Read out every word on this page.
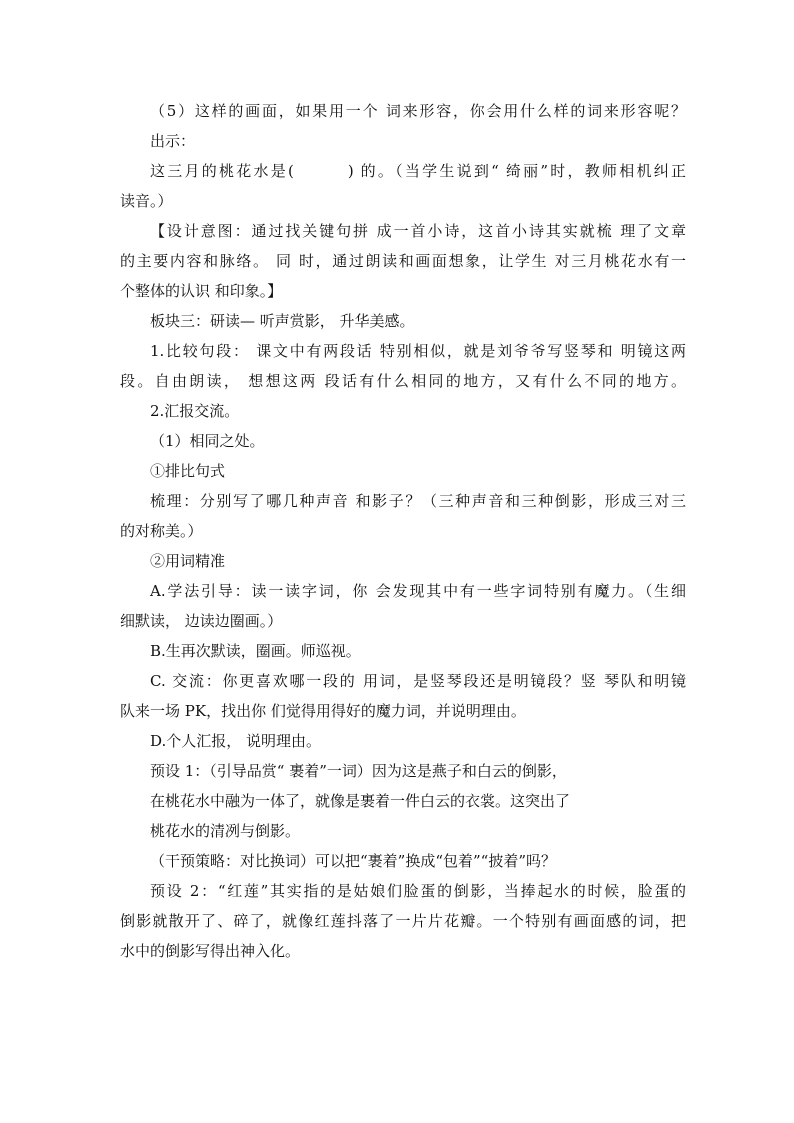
（5）这样的画面，如果用一个 词来形容，你会用什么样的词来形容呢？
出示：
这三月的桃花水是(　　　) 的。（当学生说到“ 绮丽”时，教师相机纠正
读音。）
【设计意图：通过找关键句拼 成一首小诗，这首小诗其实就梳 理了文章
的主要内容和脉络。 同 时，通过朗读和画面想象，让学生 对三月桃花水有一
个整体的认识 和印象。】
板块三：研读— 听声赏影， 升华美感。
1.比较句段： 课文中有两段话 特别相似，就是刘爷爷写竖琴和 明镜这两
段。自由朗读， 想想这两 段话有什么相同的地方，又有什么不同的地方。
2.汇报交流。
（1）相同之处。
①排比句式
梳理：分别写了哪几种声音 和影子？（三种声音和三种倒影，形成三对三
的对称美。）
②用词精准
A.学法引导：读一读字词，你 会发现其中有一些字词特别有魔力。（生细
细默读， 边读边圈画。）
B.生再次默读，圈画。师巡视。
C. 交流：你更喜欢哪一段的 用词，是竖琴段还是明镜段？竖 琴队和明镜
队来一场 PK，找出你 们觉得用得好的魔力词，并说明理由。
D.个人汇报， 说明理由。
预设 1：（引导品赏“ 裹着”一词）因为这是燕子和白云的倒影，
在桃花水中融为一体了，就像是裹着一件白云的衣裳。这突出了
桃花水的清冽与倒影。
（干预策略：对比换词）可以把“裹着”换成“包着”“披着”吗？
预设 2：“红莲”其实指的是姑娘们脸蛋的倒影，当捧起水的时候，脸蛋的
倒影就散开了、碎了，就像红莲抖落了一片片花瓣。一个特别有画面感的词，把
水中的倒影写得出神入化。
